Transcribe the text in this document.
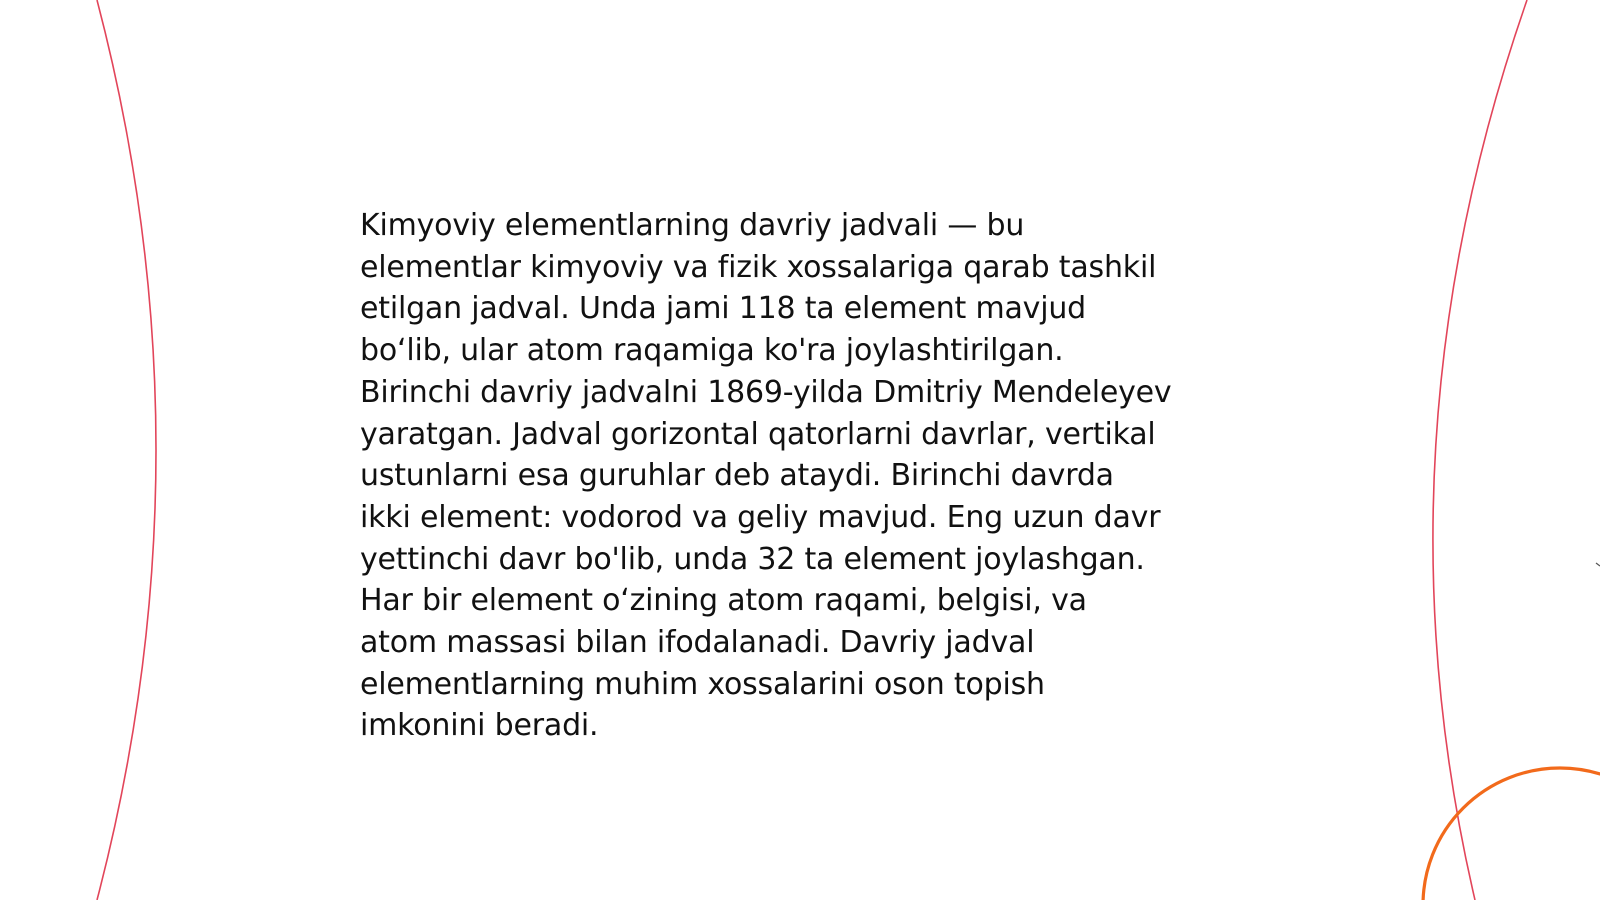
Kimyoviy elementlarning davriy jadvali — bu
elementlar kimyoviy va fizik xossalariga qarab tashkil
etilgan jadval. Unda jami 118 ta element mavjud
boʻlib, ular atom raqamiga ko'ra joylashtirilgan.
Birinchi davriy jadvalni 1869-yilda Dmitriy Mendeleyev
yaratgan. Jadval gorizontal qatorlarni davrlar, vertikal
ustunlarni esa guruhlar deb ataydi. Birinchi davrda
ikki element: vodorod va geliy mavjud. Eng uzun davr
yettinchi davr bo'lib, unda 32 ta element joylashgan.
Har bir element oʻzining atom raqami, belgisi, va
atom massasi bilan ifodalanadi. Davriy jadval
elementlarning muhim xossalarini oson topish
imkonini beradi.
